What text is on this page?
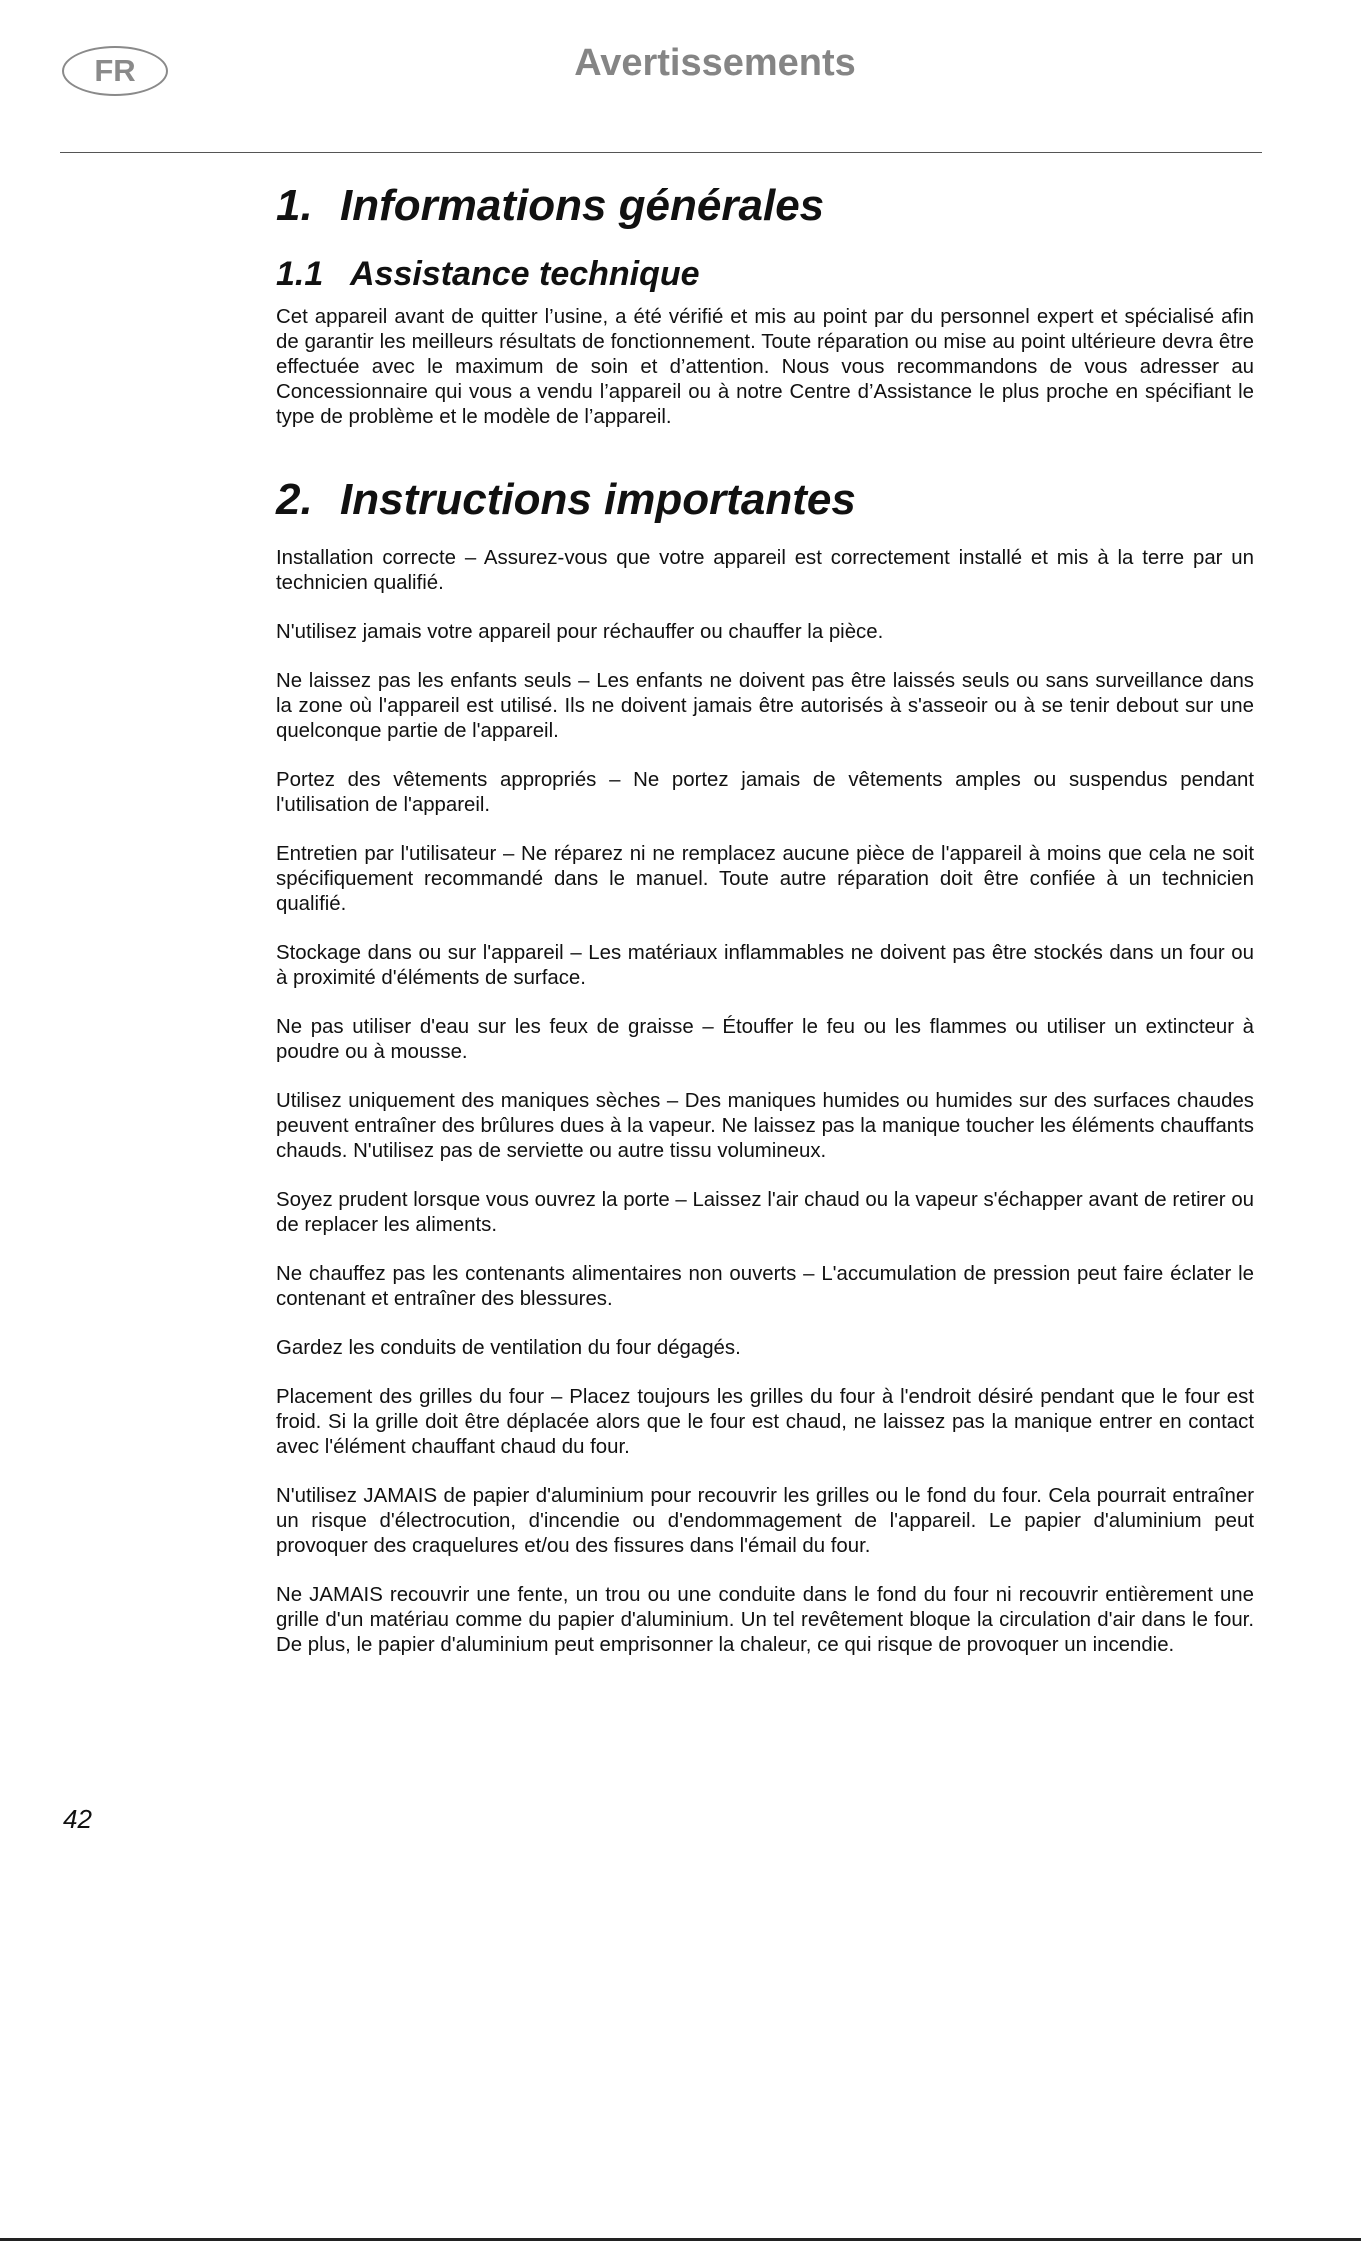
FR	Avertissements
1. Informations générales
1.1 Assistance technique

Cet appareil avant de quitter l’usine, a été vérifié et mis au point par du personnel expert et spécialisé afin de garantir les meilleurs résultats de fonctionnement. Toute réparation ou mise au point ultérieure devra être effectuée avec le maximum de soin et d’attention. Nous vous recommandons de vous adresser au Concessionnaire qui vous a vendu l’appareil ou à notre Centre d’Assistance le plus proche en spécifiant le type de problème et le modèle de l’appareil.

2. Instructions importantes

Installation correcte – Assurez-vous que votre appareil est correctement installé et mis à la terre par un technicien qualifié.

N'utilisez jamais votre appareil pour réchauffer ou chauffer la pièce.

Ne laissez pas les enfants seuls – Les enfants ne doivent pas être laissés seuls ou sans surveillance dans la zone où l'appareil est utilisé. Ils ne doivent jamais être autorisés à s'asseoir ou à se tenir debout sur une quelconque partie de l'appareil.

Portez des vêtements appropriés – Ne portez jamais de vêtements amples ou suspendus pendant l'utilisation de l'appareil.

Entretien par l'utilisateur – Ne réparez ni ne remplacez aucune pièce de l'appareil à moins que cela ne soit spécifiquement recommandé dans le manuel. Toute autre réparation doit être confiée à un technicien qualifié.

Stockage dans ou sur l'appareil – Les matériaux inflammables ne doivent pas être stockés dans un four ou à proximité d'éléments de surface.

Ne pas utiliser d'eau sur les feux de graisse – Étouffer le feu ou les flammes ou utiliser un extincteur à poudre ou à mousse.

Utilisez uniquement des maniques sèches – Des maniques humides ou humides sur des surfaces chaudes peuvent entraîner des brûlures dues à la vapeur. Ne laissez pas la manique toucher les éléments chauffants chauds. N'utilisez pas de serviette ou autre tissu volumineux.

Soyez prudent lorsque vous ouvrez la porte – Laissez l'air chaud ou la vapeur s'échapper avant de retirer ou de replacer les aliments.

Ne chauffez pas les contenants alimentaires non ouverts – L'accumulation de pression peut faire éclater le contenant et entraîner des blessures.

Gardez les conduits de ventilation du four dégagés.

Placement des grilles du four – Placez toujours les grilles du four à l'endroit désiré pendant que le four est froid. Si la grille doit être déplacée alors que le four est chaud, ne laissez pas la manique entrer en contact avec l'élément chauffant chaud du four.

N'utilisez JAMAIS de papier d'aluminium pour recouvrir les grilles ou le fond du four. Cela pourrait entraîner un risque d'électrocution, d'incendie ou d'endommagement de l'appareil. Le papier d'aluminium peut provoquer des craquelures et/ou des fissures dans l'émail du four.

Ne JAMAIS recouvrir une fente, un trou ou une conduite dans le fond du four ni recouvrir entièrement une grille d'un matériau comme du papier d'aluminium. Un tel revêtement bloque la circulation d'air dans le four. De plus, le papier d'aluminium peut emprisonner la chaleur, ce qui risque de provoquer un incendie.

42
